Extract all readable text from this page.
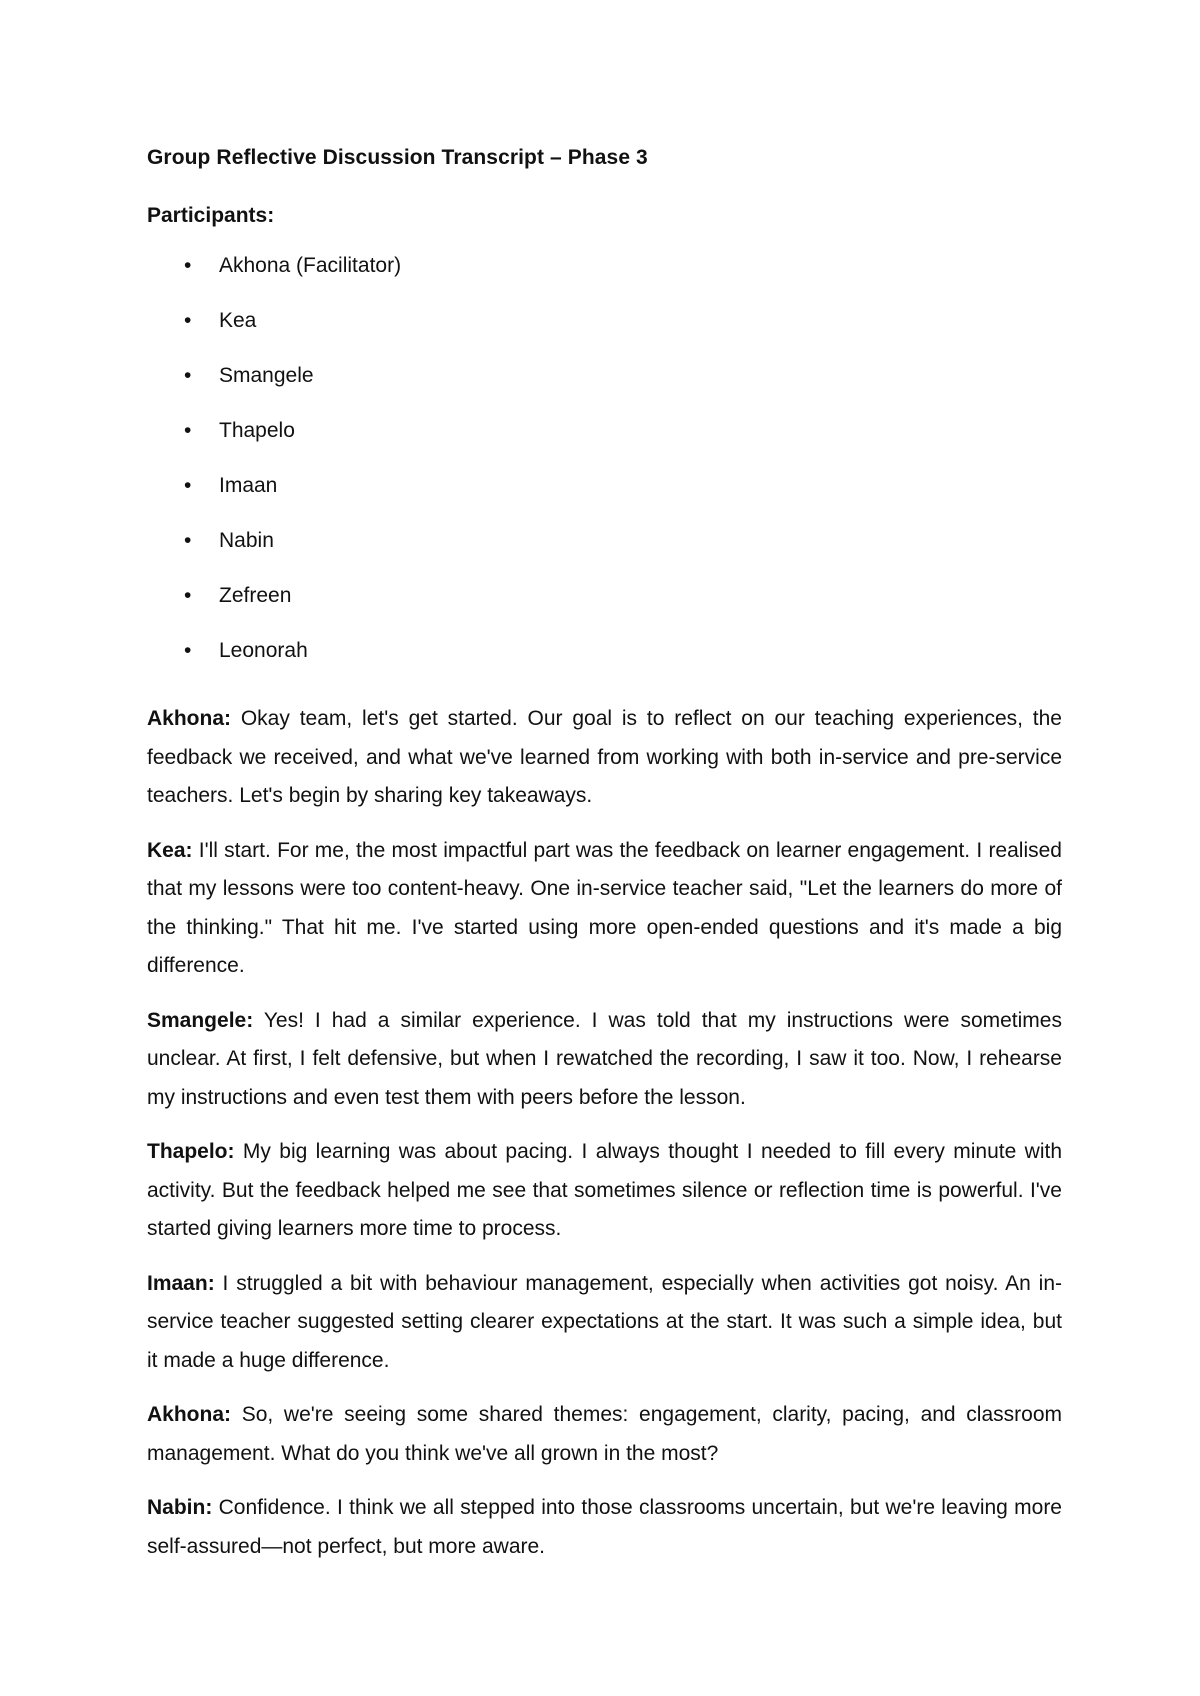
Group Reflective Discussion Transcript – Phase 3
Participants:
• Akhona (Facilitator)
• Kea
• Smangele
• Thapelo
• Imaan
• Nabin
• Zefreen
• Leonorah

Akhona: Okay team, let's get started. Our goal is to reflect on our teaching experiences, the feedback we received, and what we've learned from working with both in-service and pre-service teachers. Let's begin by sharing key takeaways.

Kea: I'll start. For me, the most impactful part was the feedback on learner engagement. I realised that my lessons were too content-heavy. One in-service teacher said, "Let the learners do more of the thinking." That hit me. I've started using more open-ended questions and it's made a big difference.

Smangele: Yes! I had a similar experience. I was told that my instructions were sometimes unclear. At first, I felt defensive, but when I rewatched the recording, I saw it too. Now, I rehearse my instructions and even test them with peers before the lesson.

Thapelo: My big learning was about pacing. I always thought I needed to fill every minute with activity. But the feedback helped me see that sometimes silence or reflection time is powerful. I've started giving learners more time to process.

Imaan: I struggled a bit with behaviour management, especially when activities got noisy. An in-service teacher suggested setting clearer expectations at the start. It was such a simple idea, but it made a huge difference.

Akhona: So, we're seeing some shared themes: engagement, clarity, pacing, and classroom management. What do you think we've all grown in the most?

Nabin: Confidence. I think we all stepped into those classrooms uncertain, but we're leaving more self-assured—not perfect, but more aware.
